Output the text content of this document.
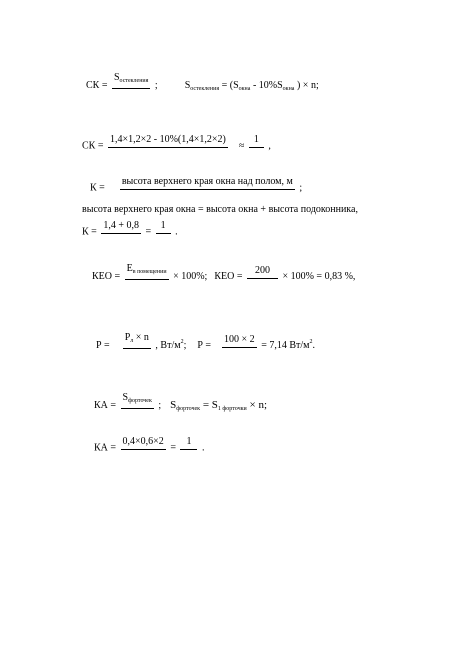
СК =
$S_{остекления}$ ;	$S_{остекления} = (S_{окна} - 10\%S_{окна}$ ) × n;
СК =
1,4×1,2×2 - 10%(1,4×1,2×2)
≈
1
,
К =
высота верхнего края окна над полом, м
;
высота верхнего края окна = высота окна + высота подоконника,
К =
1,4 + 0,8
=
1
.
КЕО =
$Е_{в помещении} \times 100\%$; КЕО =
200
× 100% = 0,83 %,
Р =
$Р_л \times n$
, $Вт/м^2$; Р =
100 × 2
= 7,14 $Вт/м^2$.
КА =
$S_{форточек}$ ; $S_{форточек} = S_{1 форточки} \times n$;
КА =
0,4×0,6×2
=
1
.
